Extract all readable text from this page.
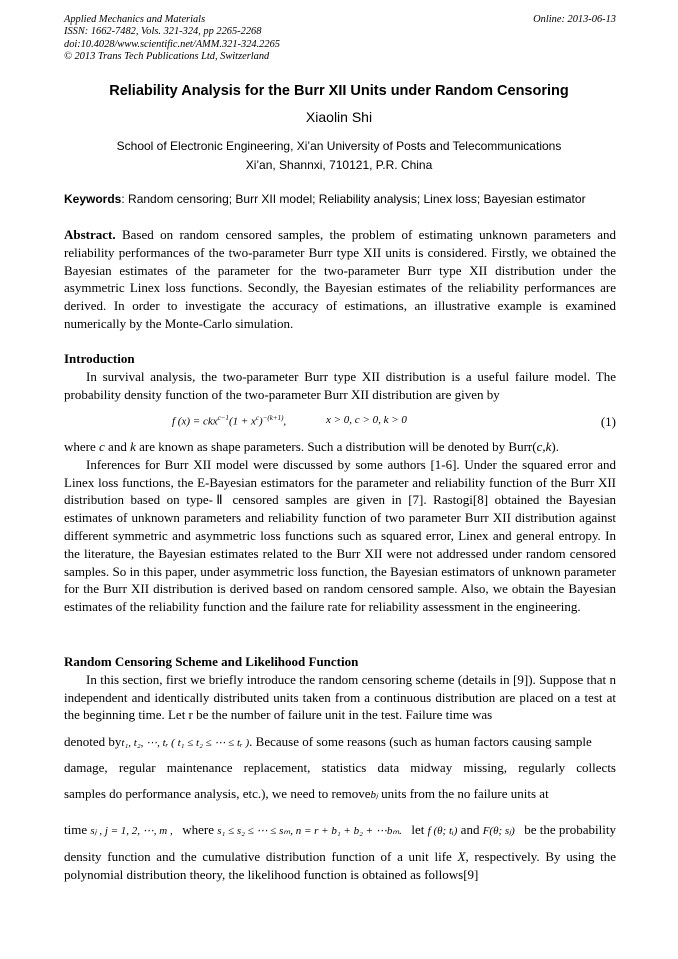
Applied Mechanics and Materials
ISSN: 1662-7482, Vols. 321-324, pp 2265-2268
doi:10.4028/www.scientific.net/AMM.321-324.2265
© 2013 Trans Tech Publications Ltd, Switzerland
Online: 2013-06-13
Reliability Analysis for the Burr XII Units under Random Censoring
Xiaolin Shi
School of Electronic Engineering, Xi’an University of Posts and Telecommunications
Xi’an, Shannxi, 710121, P.R. China
Keywords: Random censoring; Burr XII model; Reliability analysis; Linex loss; Bayesian estimator

Abstract. Based on random censored samples, the problem of estimating unknown parameters and reliability performances of the two-parameter Burr type XII units is considered. Firstly, we obtained the Bayesian estimates of the parameter for the two-parameter Burr type XII distribution under the asymmetric Linex loss functions. Secondly, the Bayesian estimates of the reliability performances are derived. In order to investigate the accuracy of estimations, an illustrative example is examined numerically by the Monte-Carlo simulation.

Introduction

In survival analysis, the two-parameter Burr type XII distribution is a useful failure model. The probability density function of the two-parameter Burr XII distribution are given by

f $(x) = ckx^{c-1}(1 + x^c)^{-(k+1)}$,	x > 0, c > 0, k > 0	(1)

where c and k are known as shape parameters. Such a distribution will be denoted by Burr(c,k).

Inferences for Burr XII model were discussed by some authors [1-6]. Under the squared error and Linex loss functions, the E-Bayesian estimators for the parameter and reliability function of the Burr XII distribution based on type-Ⅱ censored samples are given in [7]. Rastogi[8] obtained the Bayesian estimates of unknown parameters and reliability function of two parameter Burr XII distribution against different symmetric and asymmetric loss functions such as squared error, Linex and general entropy. In the literature, the Bayesian estimates related to the Burr XII were not addressed under random censored samples. So in this paper, under asymmetric loss function, the Bayesian estimators of unknown parameter for the Burr XII distribution is derived based on random censored sample. Also, we obtain the Bayesian estimates of the reliability function and the failure rate for reliability assessment in the engineering.

Random Censoring Scheme and Likelihood Function

In this section, first we briefly introduce the random censoring scheme (details in [9]). Suppose that n independent and identically distributed units taken from a continuous distribution are placed on a test at the beginning time. Let r be the number of failure unit in the test. Failure time was

denoted byt₁, t₂, ⋯, tᵣ ( t₁ ≤ t₂ ≤ ⋯ ≤ tᵣ ). Because of some reasons (such as human factors causing sample
damage, regular maintenance replacement, statistics data midway missing, regularly collects
samples do performance analysis, etc.), we need to removebⱼ units from the no failure units at
time sⱼ , j = 1, 2, ⋯, m , where s₁ ≤ s₂ ≤ ⋯ ≤ sₘ, n = r + b₁ + b₂ + ⋯bₘ. let f (θ; tᵢ) and F(θ; sⱼ) be the probability

density function and the cumulative distribution function of a unit life X, respectively. By using the polynomial distribution theory, the likelihood function is obtained as follows[9]
